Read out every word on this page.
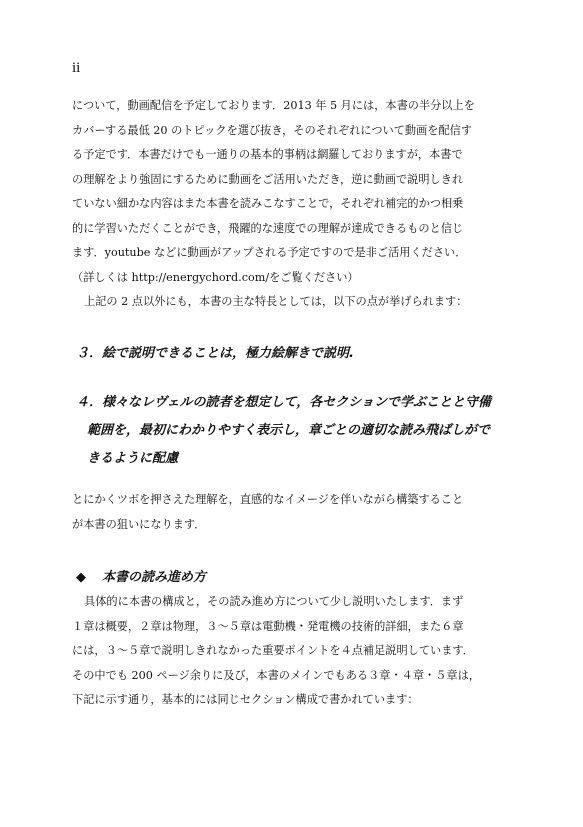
ii
について，動画配信を予定しております．2013 年 5 月には，本書の半分以上を
カバーする最低 20 のトピックを選び抜き，そのそれぞれについて動画を配信す
る予定です．本書だけでも一通りの基本的事柄は網羅しておりますが，本書で
の理解をより強固にするために動画をご活用いただき，逆に動画で説明しきれ
ていない細かな内容はまた本書を読みこなすことで，それぞれ補完的かつ相乗
的に学習いただくことができ，飛躍的な速度での理解が達成できるものと信じ
ます．youtube などに動画がアップされる予定ですので是非ご活用ください．
（詳しくは http://energychord.com/をご覧ください）
上記の 2 点以外にも，本書の主な特長としては，以下の点が挙げられます：
３．絵で説明できることは，極力絵解きで説明.
４．様々なレヴェルの読者を想定して，各セクションで学ぶことと守備
範囲を，最初にわかりやすく表示し，章ごとの適切な読み飛ばしがで
きるように配慮
とにかくツボを押さえた理解を，直感的なイメージを伴いながら構築すること
が本書の狙いになります．
◆ 本書の読み進め方
具体的に本書の構成と，その読み進め方について少し説明いたします．まず
１章は概要，２章は物理，３～５章は電動機・発電機の技術的詳細，また６章
には，３～５章で説明しきれなかった重要ポイントを４点補足説明しています．
その中でも 200 ページ余りに及び，本書のメインでもある３章・４章・５章は，
下記に示す通り，基本的には同じセクション構成で書かれています：
